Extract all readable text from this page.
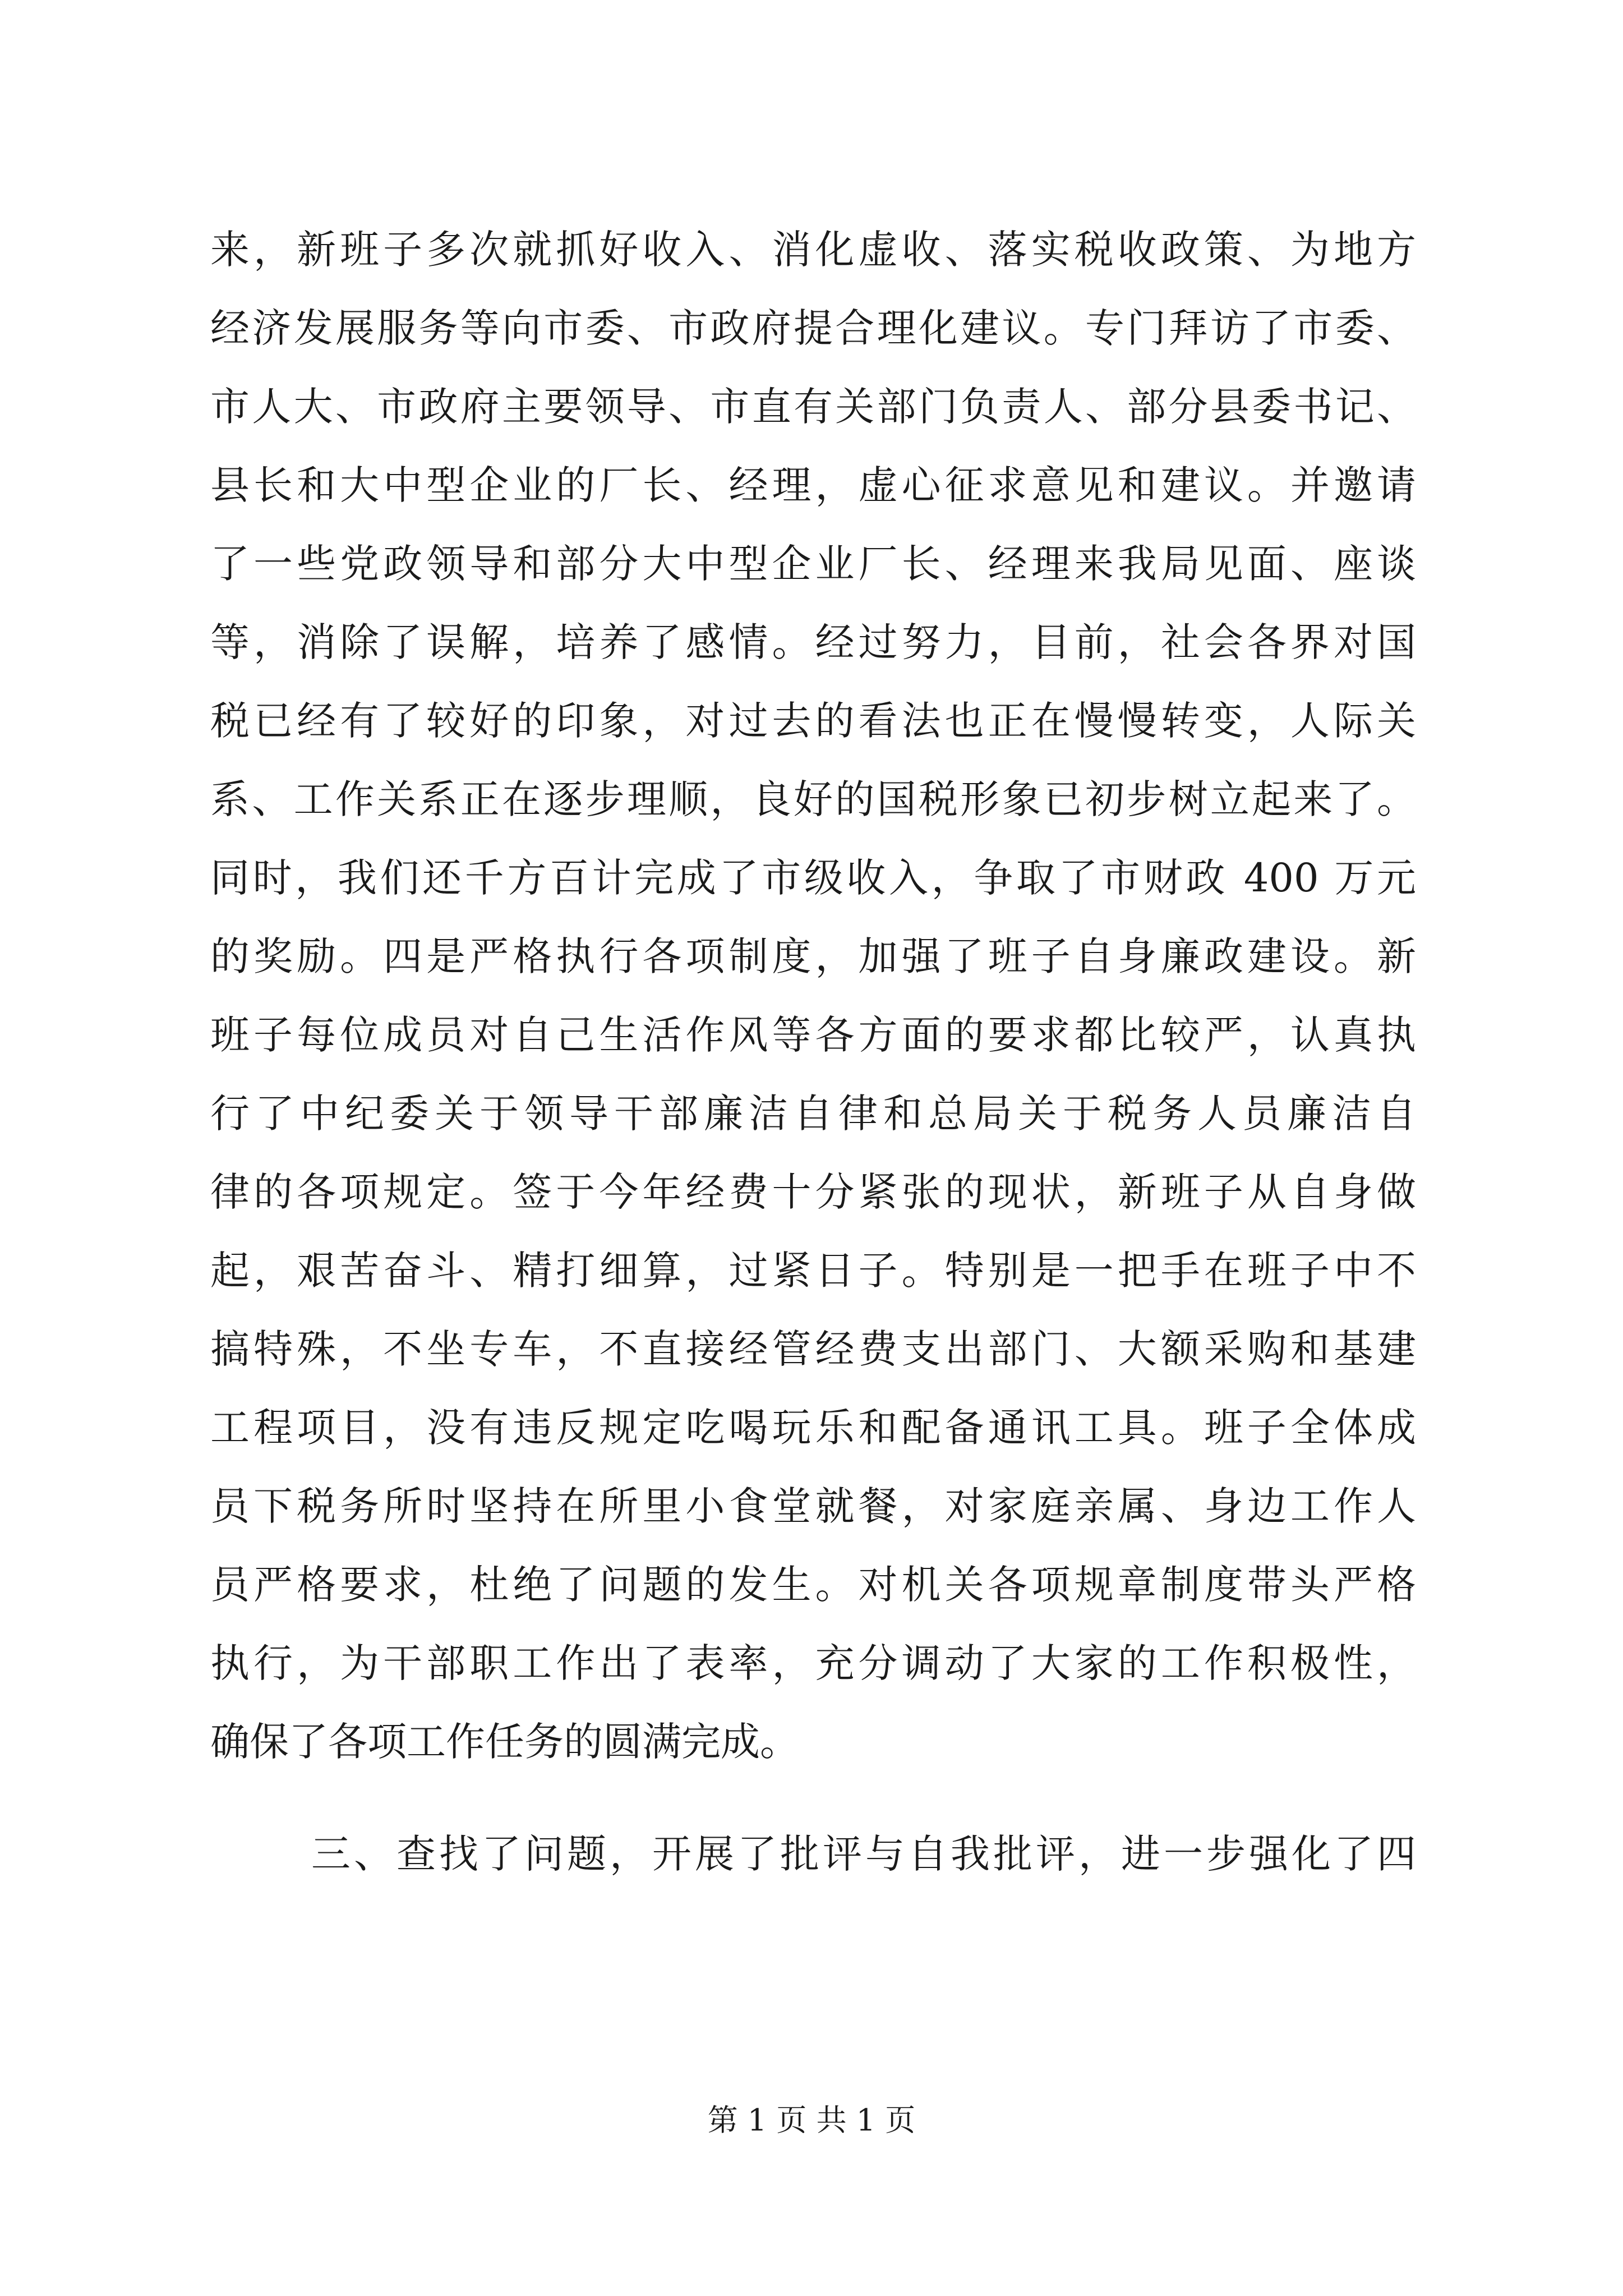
来，新班子多次就抓好收入、消化虚收、落实税收政策、为地方
经济发展服务等向市委、市政府提合理化建议。专门拜访了市委、
市人大、市政府主要领导、市直有关部门负责人、部分县委书记、
县长和大中型企业的厂长、经理，虚心征求意见和建议。并邀请
了一些党政领导和部分大中型企业厂长、经理来我局见面、座谈
等，消除了误解，培养了感情。经过努力，目前，社会各界对国
税已经有了较好的印象，对过去的看法也正在慢慢转变，人际关
系、工作关系正在逐步理顺，良好的国税形象已初步树立起来了。
同时，我们还千方百计完成了市级收入，争取了市财政 400 万元
的奖励。四是严格执行各项制度，加强了班子自身廉政建设。新
班子每位成员对自己生活作风等各方面的要求都比较严，认真执
行了中纪委关于领导干部廉洁自律和总局关于税务人员廉洁自
律的各项规定。签于今年经费十分紧张的现状，新班子从自身做
起，艰苦奋斗、精打细算，过紧日子。特别是一把手在班子中不
搞特殊，不坐专车，不直接经管经费支出部门、大额采购和基建
工程项目，没有违反规定吃喝玩乐和配备通讯工具。班子全体成
员下税务所时坚持在所里小食堂就餐，对家庭亲属、身边工作人
员严格要求，杜绝了问题的发生。对机关各项规章制度带头严格
执行，为干部职工作出了表率，充分调动了大家的工作积极性，
确保了各项工作任务的圆满完成。
三、查找了问题，开展了批评与自我批评，进一步强化了四
第 1 页 共 1 页
